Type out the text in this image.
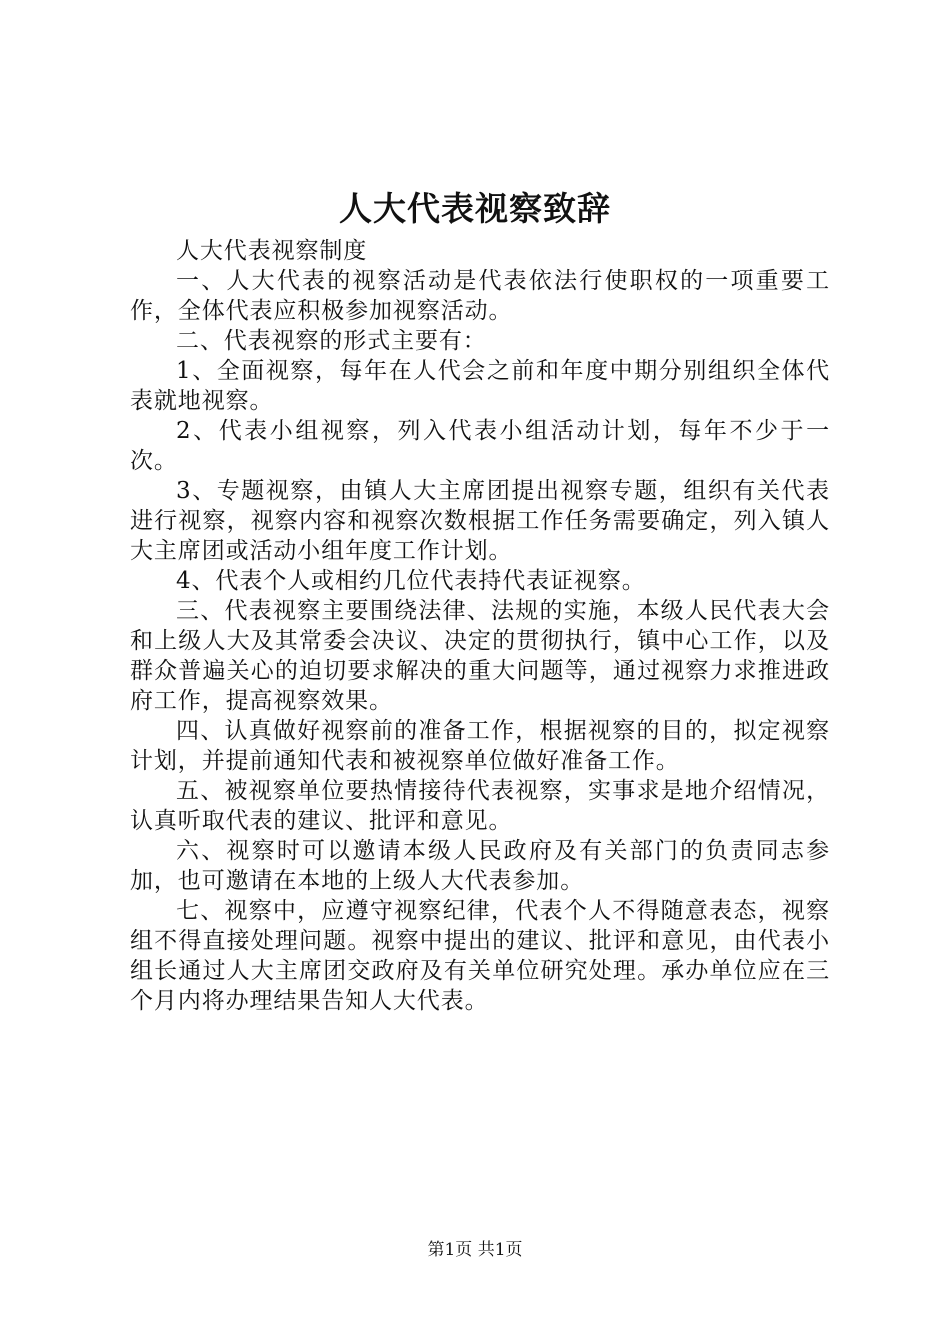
人大代表视察致辞

人大代表视察制度

一、人大代表的视察活动是代表依法行使职权的一项重要工作，全体代表应积极参加视察活动。

二、代表视察的形式主要有：

1、全面视察，每年在人代会之前和年度中期分别组织全体代表就地视察。

2、代表小组视察，列入代表小组活动计划，每年不少于一次。

3、专题视察，由镇人大主席团提出视察专题，组织有关代表进行视察，视察内容和视察次数根据工作任务需要确定，列入镇人大主席团或活动小组年度工作计划。

4、代表个人或相约几位代表持代表证视察。

三、代表视察主要围绕法律、法规的实施，本级人民代表大会和上级人大及其常委会决议、决定的贯彻执行，镇中心工作，以及群众普遍关心的迫切要求解决的重大问题等，通过视察力求推进政府工作，提高视察效果。

四、认真做好视察前的准备工作，根据视察的目的，拟定视察计划，并提前通知代表和被视察单位做好准备工作。

五、被视察单位要热情接待代表视察，实事求是地介绍情况，认真听取代表的建议、批评和意见。

六、视察时可以邀请本级人民政府及有关部门的负责同志参加，也可邀请在本地的上级人大代表参加。

七、视察中，应遵守视察纪律，代表个人不得随意表态，视察组不得直接处理问题。视察中提出的建议、批评和意见，由代表小组长通过人大主席团交政府及有关单位研究处理。承办单位应在三个月内将办理结果告知人大代表。

第1页 共1页
